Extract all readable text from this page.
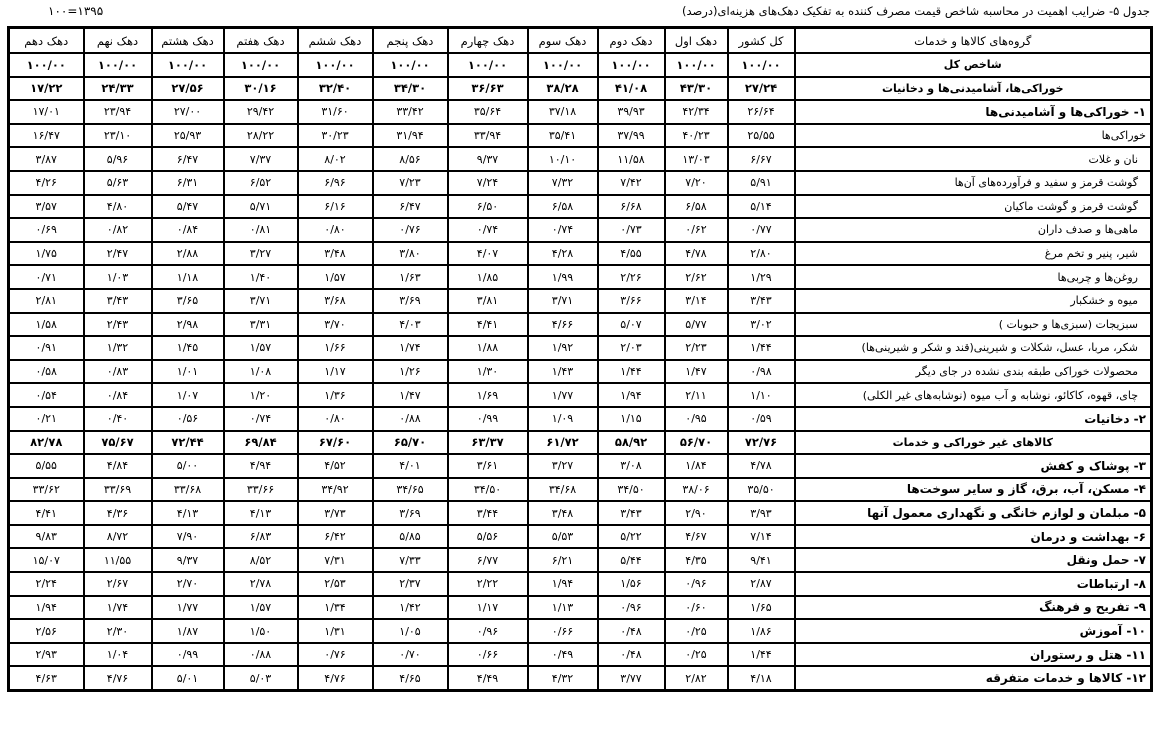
جدول ۵- ضرایب اهمیت در محاسبه شاخص قیمت مصرف کننده به تفکیک دهک‌های هزینه‌ای(درصد)
۱۳۹۵=۱۰۰
گروه‌های کالاها و خدمات	کل کشور	دهک اول	دهک دوم	دهک سوم	دهک چهارم	دهک پنجم	دهک ششم	دهک هفتم	دهک هشتم	دهک نهم	دهک دهم
شاخص کل	۱۰۰/۰۰	۱۰۰/۰۰	۱۰۰/۰۰	۱۰۰/۰۰	۱۰۰/۰۰	۱۰۰/۰۰	۱۰۰/۰۰	۱۰۰/۰۰	۱۰۰/۰۰	۱۰۰/۰۰	۱۰۰/۰۰
خوراکی‌ها، آشامیدنی‌ها و دخانیات	۲۷/۲۴	۴۳/۳۰	۴۱/۰۸	۳۸/۲۸	۳۶/۶۳	۳۴/۳۰	۳۲/۴۰	۳۰/۱۶	۲۷/۵۶	۲۴/۳۳	۱۷/۲۲
۱- خوراکی‌ها و آشامیدنی‌ها	۲۶/۶۴	۴۲/۳۴	۳۹/۹۳	۳۷/۱۸	۳۵/۶۴	۳۳/۴۲	۳۱/۶۰	۲۹/۴۲	۲۷/۰۰	۲۳/۹۴	۱۷/۰۱
خوراکی‌ها	۲۵/۵۵	۴۰/۲۳	۳۷/۹۹	۳۵/۴۱	۳۳/۹۴	۳۱/۹۴	۳۰/۲۳	۲۸/۲۲	۲۵/۹۳	۲۳/۱۰	۱۶/۴۷
نان و غلات	۶/۶۷	۱۳/۰۳	۱۱/۵۸	۱۰/۱۰	۹/۳۷	۸/۵۶	۸/۰۲	۷/۳۷	۶/۴۷	۵/۹۶	۳/۸۷
گوشت قرمز و سفید و فرآورده‌های آن‌ها	۵/۹۱	۷/۲۰	۷/۴۲	۷/۳۲	۷/۲۴	۷/۲۳	۶/۹۶	۶/۵۲	۶/۳۱	۵/۶۳	۴/۲۶
گوشت قرمز و گوشت ماکیان	۵/۱۴	۶/۵۸	۶/۶۸	۶/۵۸	۶/۵۰	۶/۴۷	۶/۱۶	۵/۷۱	۵/۴۷	۴/۸۰	۳/۵۷
ماهی‌ها و صدف داران	۰/۷۷	۰/۶۲	۰/۷۳	۰/۷۴	۰/۷۴	۰/۷۶	۰/۸۰	۰/۸۱	۰/۸۴	۰/۸۲	۰/۶۹
شیر، پنیر و تخم مرغ	۲/۸۰	۴/۷۸	۴/۵۵	۴/۲۸	۴/۰۷	۳/۸۰	۳/۴۸	۳/۲۷	۲/۸۸	۲/۴۷	۱/۷۵
روغن‌ها و چربی‌ها	۱/۲۹	۲/۶۲	۲/۲۶	۱/۹۹	۱/۸۵	۱/۶۳	۱/۵۷	۱/۴۰	۱/۱۸	۱/۰۳	۰/۷۱
میوه و خشکبار	۳/۴۳	۳/۱۴	۳/۶۶	۳/۷۱	۳/۸۱	۳/۶۹	۳/۶۸	۳/۷۱	۳/۶۵	۳/۴۳	۲/۸۱
سبزیجات (سبزی‌ها و حبوبات )	۳/۰۲	۵/۷۷	۵/۰۷	۴/۶۶	۴/۴۱	۴/۰۳	۳/۷۰	۳/۳۱	۲/۹۸	۲/۴۳	۱/۵۸
شکر، مربا، عسل، شکلات و شیرینی(قند و شکر و شیرینی‌ها)	۱/۴۴	۲/۲۳	۲/۰۳	۱/۹۲	۱/۸۸	۱/۷۴	۱/۶۶	۱/۵۷	۱/۴۵	۱/۳۲	۰/۹۱
محصولات خوراکی طبقه بندی نشده در جای دیگر	۰/۹۸	۱/۴۷	۱/۴۴	۱/۴۳	۱/۳۰	۱/۲۶	۱/۱۷	۱/۰۸	۱/۰۱	۰/۸۳	۰/۵۸
چای، قهوه، کاکائو، نوشابه و آب میوه (نوشابه‌های غیر الکلی)	۱/۱۰	۲/۱۱	۱/۹۴	۱/۷۷	۱/۶۹	۱/۴۷	۱/۳۶	۱/۲۰	۱/۰۷	۰/۸۴	۰/۵۴
۲- دخانیات	۰/۵۹	۰/۹۵	۱/۱۵	۱/۰۹	۰/۹۹	۰/۸۸	۰/۸۰	۰/۷۴	۰/۵۶	۰/۴۰	۰/۲۱
کالاهای غیر خوراکی و خدمات	۷۲/۷۶	۵۶/۷۰	۵۸/۹۲	۶۱/۷۲	۶۳/۳۷	۶۵/۷۰	۶۷/۶۰	۶۹/۸۴	۷۲/۴۴	۷۵/۶۷	۸۲/۷۸
۳- پوشاک و کفش	۴/۷۸	۱/۸۴	۳/۰۸	۳/۲۷	۳/۶۱	۴/۰۱	۴/۵۲	۴/۹۴	۵/۰۰	۴/۸۴	۵/۵۵
۴- مسکن، آب، برق، گاز و سایر سوخت‌ها	۳۵/۵۰	۳۸/۰۶	۳۴/۵۰	۳۴/۶۸	۳۴/۵۰	۳۴/۶۵	۳۴/۹۲	۳۳/۶۶	۳۳/۶۸	۳۳/۶۹	۳۳/۶۲
۵- مبلمان و لوازم خانگی و نگهداری معمول آنها	۳/۹۳	۲/۹۰	۳/۴۳	۳/۴۸	۳/۴۴	۳/۶۹	۳/۷۳	۴/۱۳	۴/۱۳	۴/۳۶	۴/۴۱
۶- بهداشت و درمان	۷/۱۴	۴/۶۷	۵/۲۲	۵/۵۳	۵/۵۶	۵/۸۵	۶/۴۲	۶/۸۳	۷/۹۰	۸/۷۲	۹/۸۳
۷- حمل ونقل	۹/۴۱	۴/۳۵	۵/۴۴	۶/۲۱	۶/۷۷	۷/۳۳	۷/۳۱	۸/۵۲	۹/۳۷	۱۱/۵۵	۱۵/۰۷
۸- ارتباطات	۲/۸۷	۰/۹۶	۱/۵۶	۱/۹۴	۲/۲۲	۲/۳۷	۲/۵۳	۲/۷۸	۲/۷۰	۲/۶۷	۲/۲۴
۹- تفریح و فرهنگ	۱/۶۵	۰/۶۰	۰/۹۶	۱/۱۳	۱/۱۷	۱/۴۲	۱/۳۴	۱/۵۷	۱/۷۷	۱/۷۴	۱/۹۴
۱۰- آموزش	۱/۸۶	۰/۲۵	۰/۴۸	۰/۶۶	۰/۹۶	۱/۰۵	۱/۳۱	۱/۵۰	۱/۸۷	۲/۳۰	۲/۵۶
۱۱- هتل و رستوران	۱/۴۴	۰/۲۵	۰/۴۸	۰/۴۹	۰/۶۶	۰/۷۰	۰/۷۶	۰/۸۸	۰/۹۹	۱/۰۴	۲/۹۳
۱۲- کالاها و خدمات متفرقه	۴/۱۸	۲/۸۲	۳/۷۷	۴/۳۲	۴/۴۹	۴/۶۵	۴/۷۶	۵/۰۳	۵/۰۱	۴/۷۶	۴/۶۳
